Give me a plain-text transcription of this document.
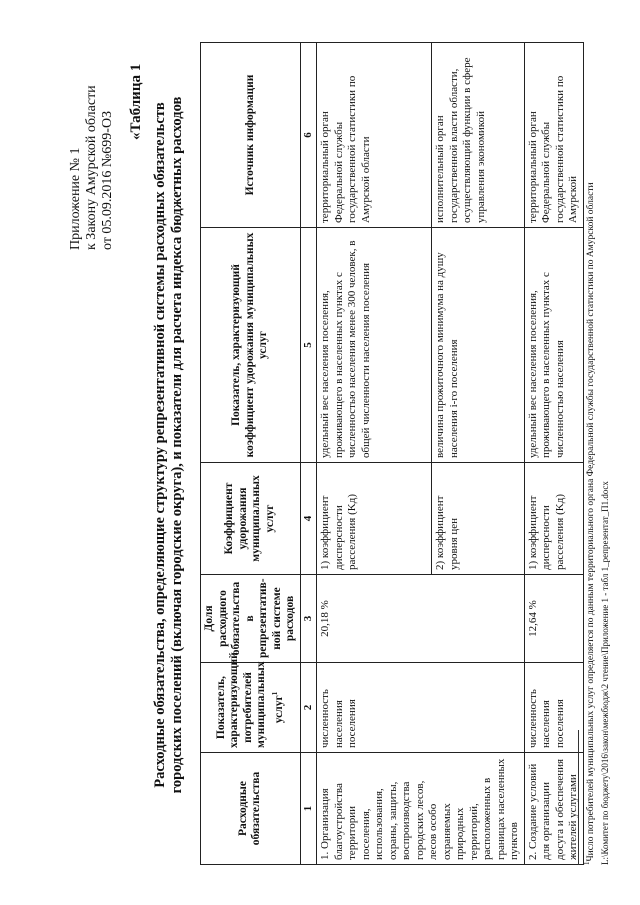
Приложение № 1 к Закону Амурской области от 05.09.2016 №699-ОЗ
«Таблица 1
Расходные обязательства, определяющие структуру репрезентативной системы расходных обязательств городских поселений (включая городские округа), и показатели для расчета индекса бюджетных расходов
Расходные обязательства	Показатель, характеризующий потребителей муниципальных услуг$^1$	Доля расходного обязательства в репрезентатив-ной системе расходов	Коэффициент удорожания муниципальных услуг	Показатель, характеризующий коэффициент удорожания муниципальных услуг	Источник информации
1	2	3	4	5	6
1. Организация благоустройства территории поселения, использования, охраны, защиты, воспроизводства городских лесов, лесов особо охраняемых природных территорий, расположенных в границах населенных пунктов	численность населения поселения	20,18 %	1) коэффициент дисперсности расселения (Kд)	удельный вес населения поселения, проживающего в населенных пунктах с численностью населения менее 300 человек, в общей численности населения поселения	территориальный орган Федеральной службы государственной статистики по Амурской области
			2) коэффициент уровня цен	величина прожиточного минимума на душу населения i-го поселения	исполнительный орган государственной власти области, осуществляющий функции в сфере управления экономикой
2. Создание условий для организации досуга и обеспечения жителей услугами	численность населения поселения	12,64 %	1) коэффициент дисперсности расселения (Kд)	удельный вес населения поселения, проживающего в населенных пунктах с численностью населения	территориальный орган Федеральной службы государственной статистики по Амурской
$^1$Число потребителей муниципальных услуг определяется по данным территориального органа Федеральной службы государственной статистики по Амурской области L:\Комитет по бюджету\2016\закон\межбюдж\2 чтение\Приложение 1 - табл 1_репрезентат_П1.docx
